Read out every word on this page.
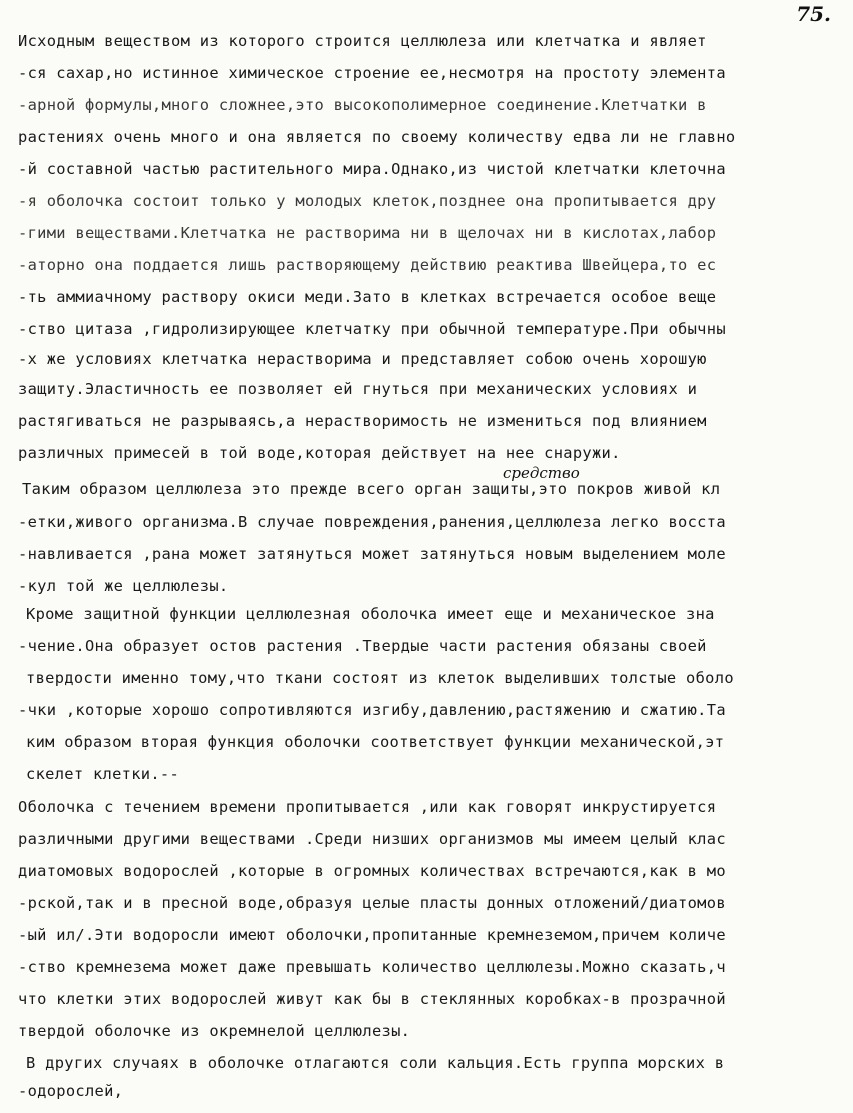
75.
средство
Исходным веществом из которого строится целлюлеза или клетчатка и являет
-ся сахар,но истинное химическое строение ее,несмотря на простоту элемента
-арной формулы,много сложнее,это высокополимерное соединение.Клетчатки в
растениях очень много и она является по своему количеству едва ли не главно
-й составной частью растительного мира.Однако,из чистой клетчатки клеточна
-я оболочка состоит только у молодых клеток,позднее она пропитывается дру
-гими веществами.Клетчатка не растворима ни в щелочах ни в кислотах,лабор
-аторно она поддается лишь растворяющему действию реактива Швейцера,то ес
-ть аммиачному раствору окиси меди.Зато в клетках встречается особое веще
-ство цитаза ,гидролизирующее клетчатку при обычной температуре.При обычны
-х же условиях клетчатка нерастворима и представляет собою очень хорошую
защиту.Эластичность ее позволяет ей гнуться при механических условиях и
растягиваться не разрываясь,а нерастворимость не измениться под влиянием
различных примесей в той воде,которая действует на нее снаружи.
Таким образом целлюлеза это прежде всего орган защиты,это покров живой кл
-етки,живого организма.В случае повреждения,ранения,целлюлеза легко восста
-навливается ,рана может затянуться может затянуться новым выделением моле
-кул той же целлюлезы.
Кроме защитной функции целлюлезная оболочка имеет еще и механическое зна
-чение.Она образует остов растения .Твердые части растения обязаны своей
твердости именно тому,что ткани состоят из клеток выделивших толстые оболо
-чки ,которые хорошо сопротивляются изгибу,давлению,растяжению и сжатию.Та
ким образом вторая функция оболочки соответствует функции механической,эт
скелет клетки.--
Оболочка с течением времени пропитывается ,или как говорят инкрустируется
различными другими веществами .Среди низших организмов мы имеем целый клас
диатомовых водорослей ,которые в огромных количествах встречаются,как в мо
-рской,так и в пресной воде,образуя целые пласты донных отложений/диатомов
-ый ил/.Эти водоросли имеют оболочки,пропитанные кремнеземом,причем количе
-ство кремнезема может даже превышать количество целлюлезы.Можно сказать,ч
что клетки этих водорослей живут как бы в стеклянных коробках-в прозрачной
твердой оболочке из окремнелой целлюлезы.
В других случаях в оболочке отлагаются соли кальция.Есть группа морских в
-одорослей,
